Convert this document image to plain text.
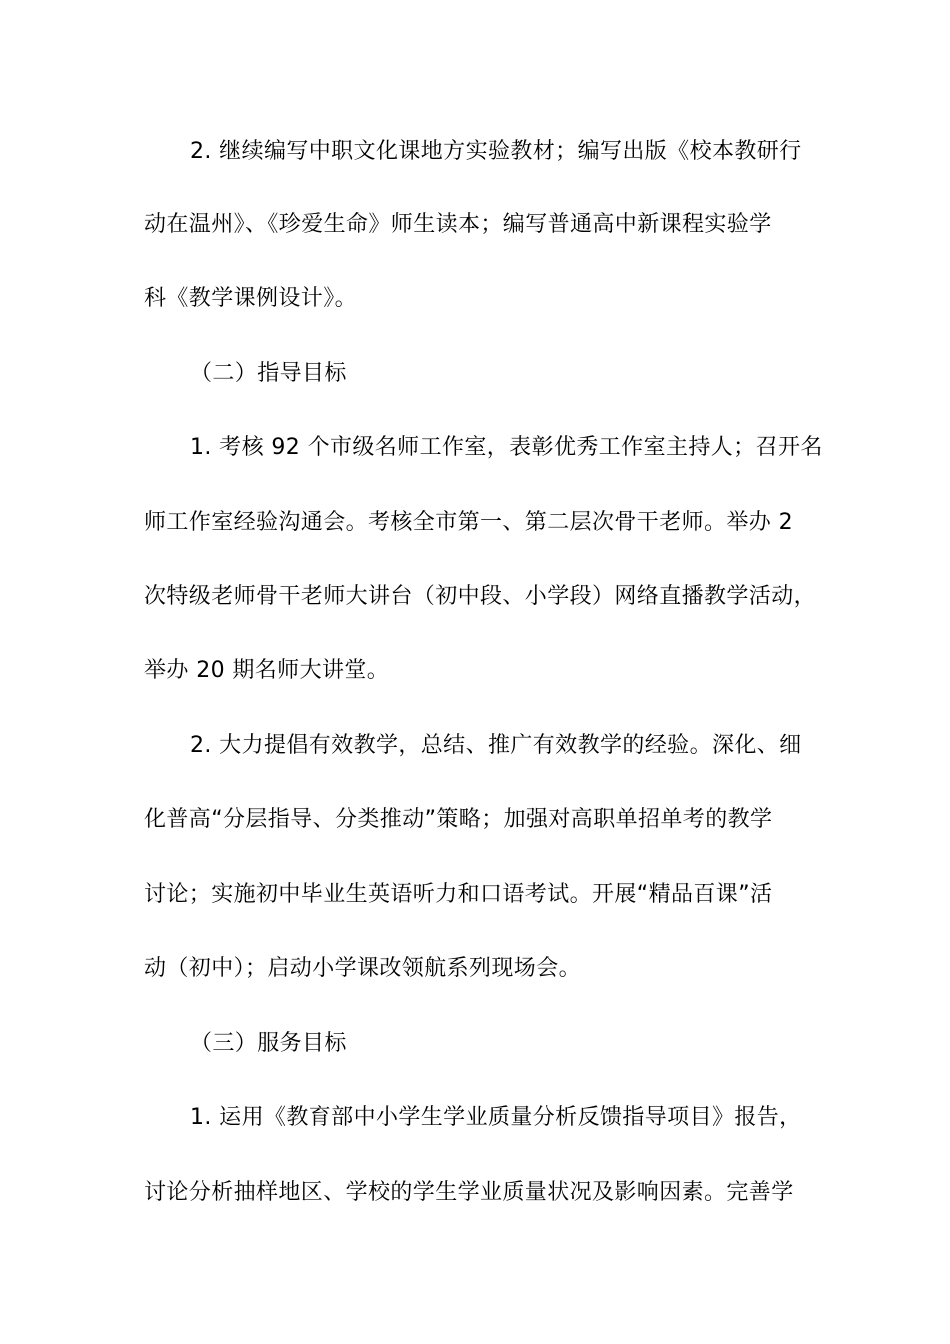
2. 继续编写中职文化课地方实验教材；编写出版《校本教研行
动在温州》、《珍爱生命》师生读本；编写普通高中新课程实验学
科《教学课例设计》。
（二）指导目标
1. 考核 92 个市级名师工作室，表彰优秀工作室主持人；召开名
师工作室经验沟通会。考核全市第一、第二层次骨干老师。举办 2
次特级老师骨干老师大讲台（初中段、小学段）网络直播教学活动，
举办 20 期名师大讲堂。
2. 大力提倡有效教学，总结、推广有效教学的经验。深化、细
化普高“分层指导、分类推动”策略；加强对高职单招单考的教学
讨论；实施初中毕业生英语听力和口语考试。开展“精品百课”活
动（初中）；启动小学课改领航系列现场会。
（三）服务目标
1. 运用《教育部中小学生学业质量分析反馈指导项目》报告，
讨论分析抽样地区、学校的学生学业质量状况及影响因素。完善学
